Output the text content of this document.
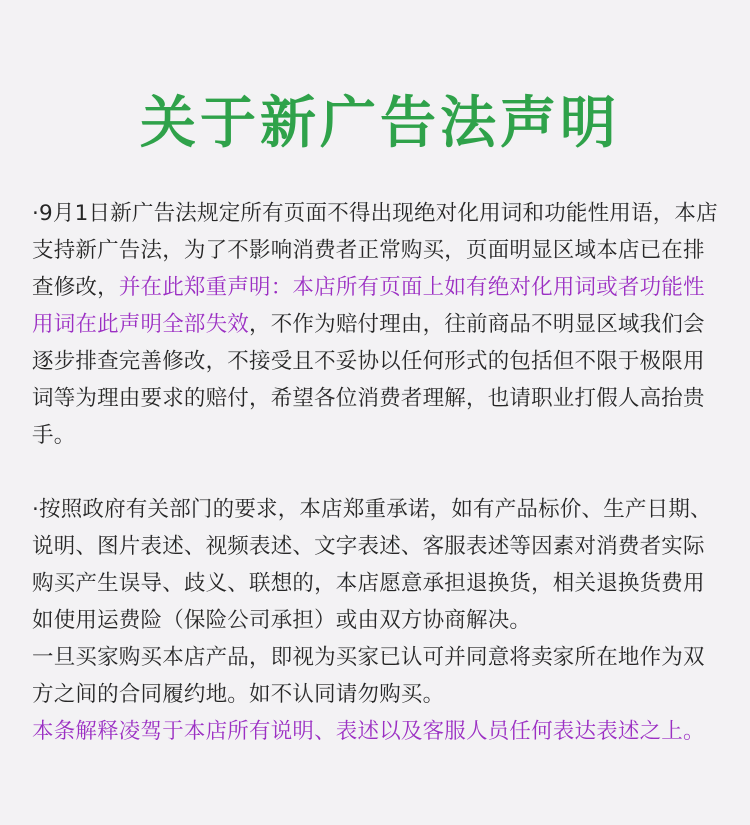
关于新广告法声明

·9月1日新广告法规定所有页面不得出现绝对化用词和功能性用语，本店
支持新广告法，为了不影响消费者正常购买，页面明显区域本店已在排
查修改，并在此郑重声明：本店所有页面上如有绝对化用词或者功能性
用词在此声明全部失效，不作为赔付理由，往前商品不明显区域我们会
逐步排查完善修改，不接受且不妥协以任何形式的包括但不限于极限用
词等为理由要求的赔付，希望各位消费者理解，也请职业打假人高抬贵
手。

·按照政府有关部门的要求，本店郑重承诺，如有产品标价、生产日期、
说明、图片表述、视频表述、文字表述、客服表述等因素对消费者实际
购买产生误导、歧义、联想的，本店愿意承担退换货，相关退换货费用
如使用运费险（保险公司承担）或由双方协商解决。
一旦买家购买本店产品，即视为买家已认可并同意将卖家所在地作为双
方之间的合同履约地。如不认同请勿购买。
本条解释凌驾于本店所有说明、表述以及客服人员任何表达表述之上。
